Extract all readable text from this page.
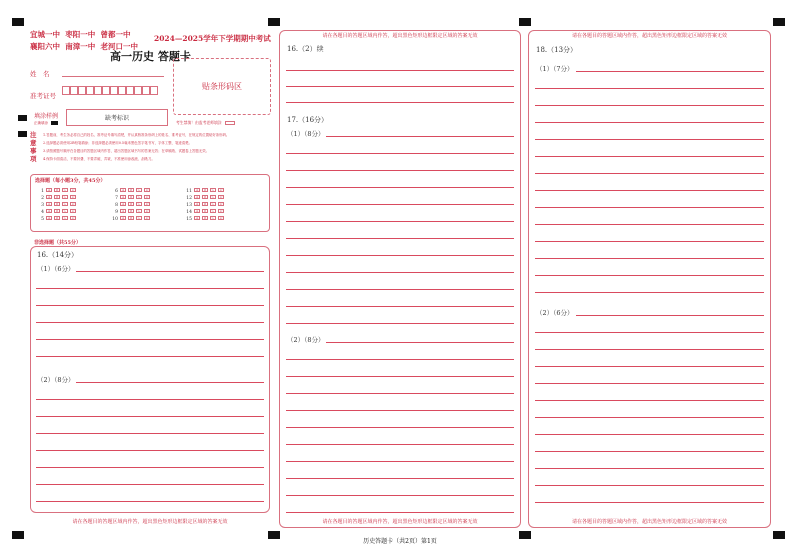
宜城一中 枣阳一中 曾都一中
襄阳六中 南漳一中 老河口一中
2024—2025学年下学期期中考试
高一历史 答题卡
姓　名
准考证号
贴条形码区
填涂样例
正确填涂
缺考标识
考生禁填！由监考老师填涂
注意事项
1.答题前，考生务必将自己的姓名、准考证号填写清楚，并认真核准条形码上的姓名、准考证号，在规定的位置贴好条形码。
2.选择题必须使用2B铅笔填涂；非选择题必须使用0.5毫米黑色签字笔书写，字体工整、笔迹清楚。
3.请按照题号顺序在各题目的答题区域内作答，超出答题区域书写的答案无效；在草稿纸、试题卷上答题无效。
4.保持卡面清洁，不要折叠、不要弄破、弄皱，不准使用涂改液、刮纸刀。
选择题（每小题3分，共45分）
1 A B C D
2 A B C D
3 A B C D
4 A B C D
5 A B C D
6 A B C D
7 A B C D
8 A B C D
9 A B C D
10 A B C D
11 A B C D
12 A B C D
13 A B C D
14 A B C D
15 A B C D
非选择题（共55分）
16.（14分）
（1）（6分）
（2）（8分）
请在各题目的答题区域内作答，超出黑色矩形边框限定区域的答案无效
请在各题目的答题区域内作答，超出黑色矩形边框限定区域的答案无效
16.（2）续
17.（16分）
（1）（8分）
（2）（8分）
请在各题目的答题区域内作答，超出黑色矩形边框限定区域的答案无效
请在各题目的答题区域内作答，超出黑色矩形边框限定区域的答案无效
18.（13分）
（1）（7分）
（2）（6分）
请在各题目的答题区域内作答，超出黑色矩形边框限定区域的答案无效
历史答题卡（共2页）第1页
